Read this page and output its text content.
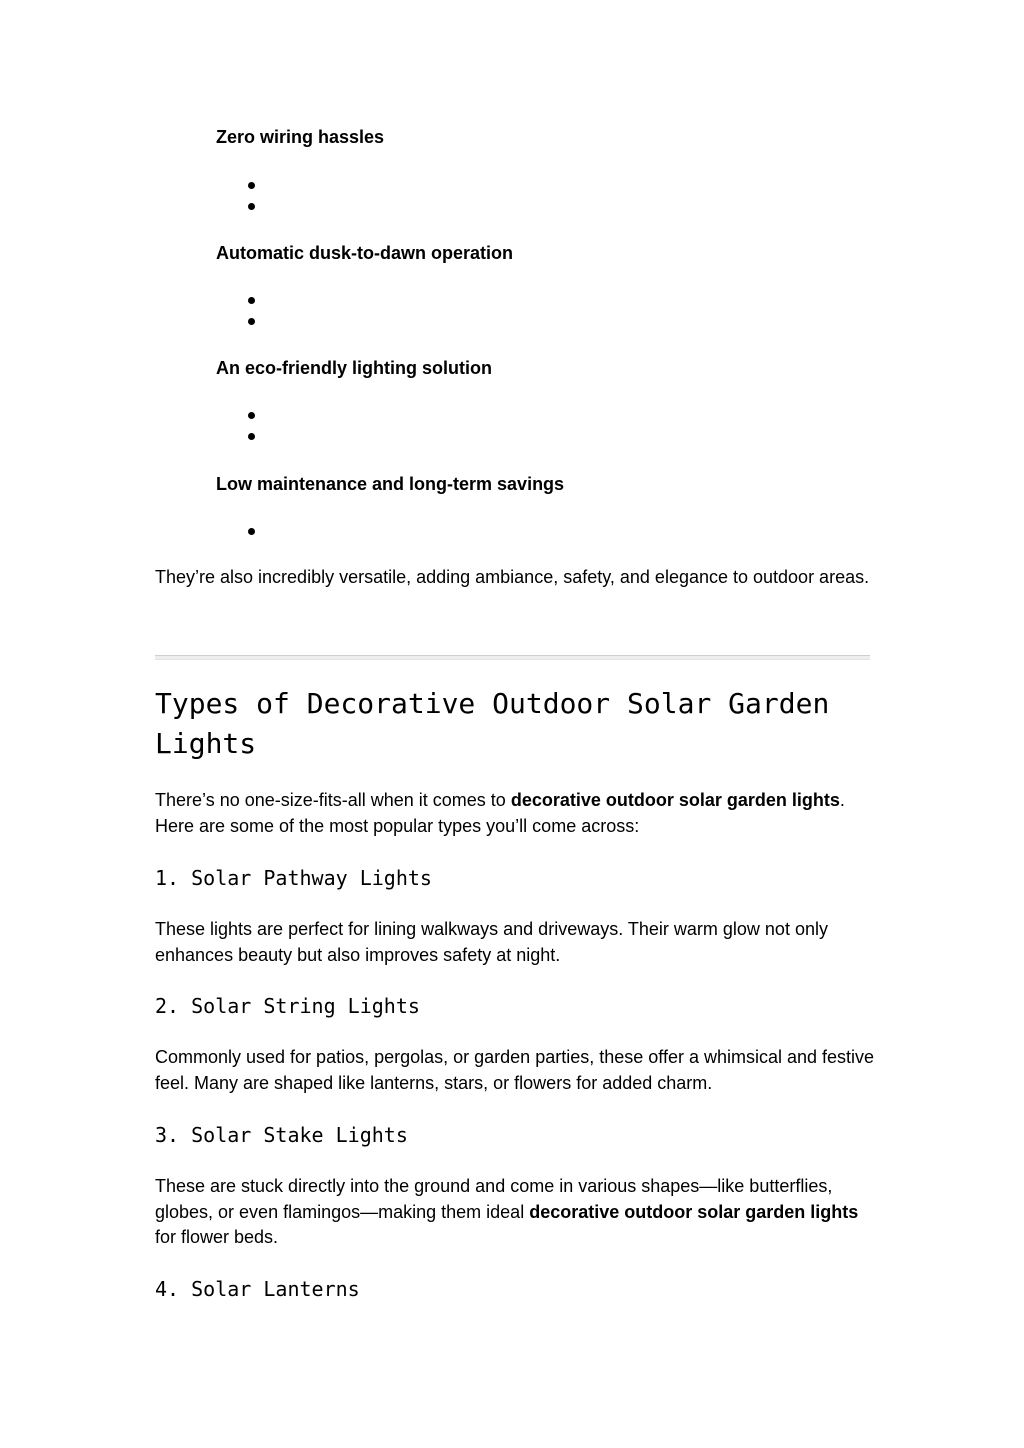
Zero wiring hassles

Automatic dusk-to-dawn operation

An eco-friendly lighting solution

Low maintenance and long-term savings

They’re also incredibly versatile, adding ambiance, safety, and elegance to outdoor areas.

Types of Decorative Outdoor Solar Garden Lights

There’s no one-size-fits-all when it comes to decorative outdoor solar garden lights. Here are some of the most popular types you’ll come across:

1. Solar Pathway Lights

These lights are perfect for lining walkways and driveways. Their warm glow not only enhances beauty but also improves safety at night.

2. Solar String Lights

Commonly used for patios, pergolas, or garden parties, these offer a whimsical and festive feel. Many are shaped like lanterns, stars, or flowers for added charm.

3. Solar Stake Lights

These are stuck directly into the ground and come in various shapes—like butterflies, globes, or even flamingos—making them ideal decorative outdoor solar garden lights for flower beds.

4. Solar Lanterns
